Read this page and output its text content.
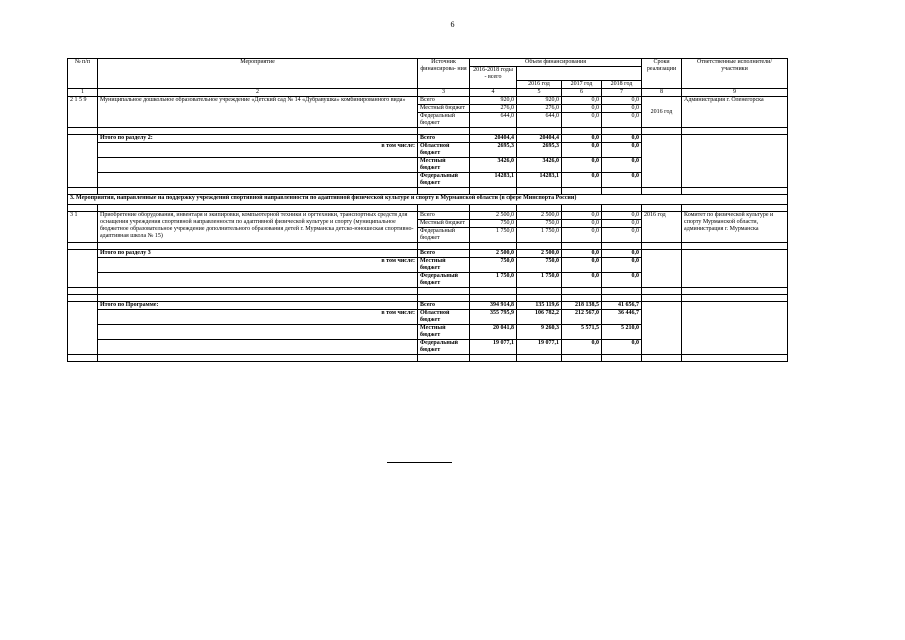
6
№ п/п	Мероприятие	Источник финансирова- ния	Объем финансирования				Сроки реализации	Ответственные исполнители/участники
			2016-2018 годы - всего					
				2016 год	2017 год	2018 год		
1	2	3	4	5	6	7	8	9
2 1 5 9	Муниципальное дошкольное образовательное учреждение «Детский сад № 14 «Дубравушка» комбинированного вида»	Всего	920,0	920,0	0,0	0,0	2016 год	Администрация г. Оленегорска
		Местный бюджет	276,0	276,0	0,0	0,0		
		Федеральный бюджет	644,0	644,0	0,0	0,0		

	Итого по разделу 2:	Всего	20404,4	20404,4	0,0	0,0		
	в том числе:	Областной бюджет	2695,3	2695,3	0,0	0,0		
		Местный бюджет	3426,0	3426,0	0,0	0,0		
		Федеральный бюджет	14283,1	14283,1	0,0	0,0		

3. Мероприятия, направленные на поддержку учреждений спортивной направленности по адаптивной физической культуре и спорту в Мурманской области (в сфере Минспорта России)								

3 1	Приобретение оборудования, инвентаря и экипировки, компьютерной техники и оргтехники, транспортных средств для оснащения учреждения спортивной направленности по адаптивной физической культуре и спорту (муниципальное бюджетное образовательное учреждение дополнительного образования детей г. Мурманска детско-юношеская спортивно-адаптивная школа № 15)	Всего	2 500,0	2 500,0	0,0	0,0	2016 год	Комитет по физической культуре и спорту Мурманской области, администрация г. Мурманска
		Местный бюджет	750,0	750,0	0,0	0,0		
		Федеральный бюджет	1 750,0	1 750,0	0,0	0,0		

	Итого по разделу 3	Всего	2 500,0	2 500,0	0,0	0,0		
	в том числе:	Местный бюджет	750,0	750,0	0,0	0,0		
		Федеральный бюджет	1 750,0	1 750,0	0,0	0,0		

	Итого по Программе:	Всего	394 914,8	135 119,6	218 138,5	41 656,7		
	в том числе:	Областной бюджет	355 795,9	106 782,2	212 567,0	36 446,7		
		Местный бюджет	20 041,8	9 260,3	5 571,5	5 210,0		
		Федеральный бюджет	19 077,1	19 077,1	0,0	0,0		
